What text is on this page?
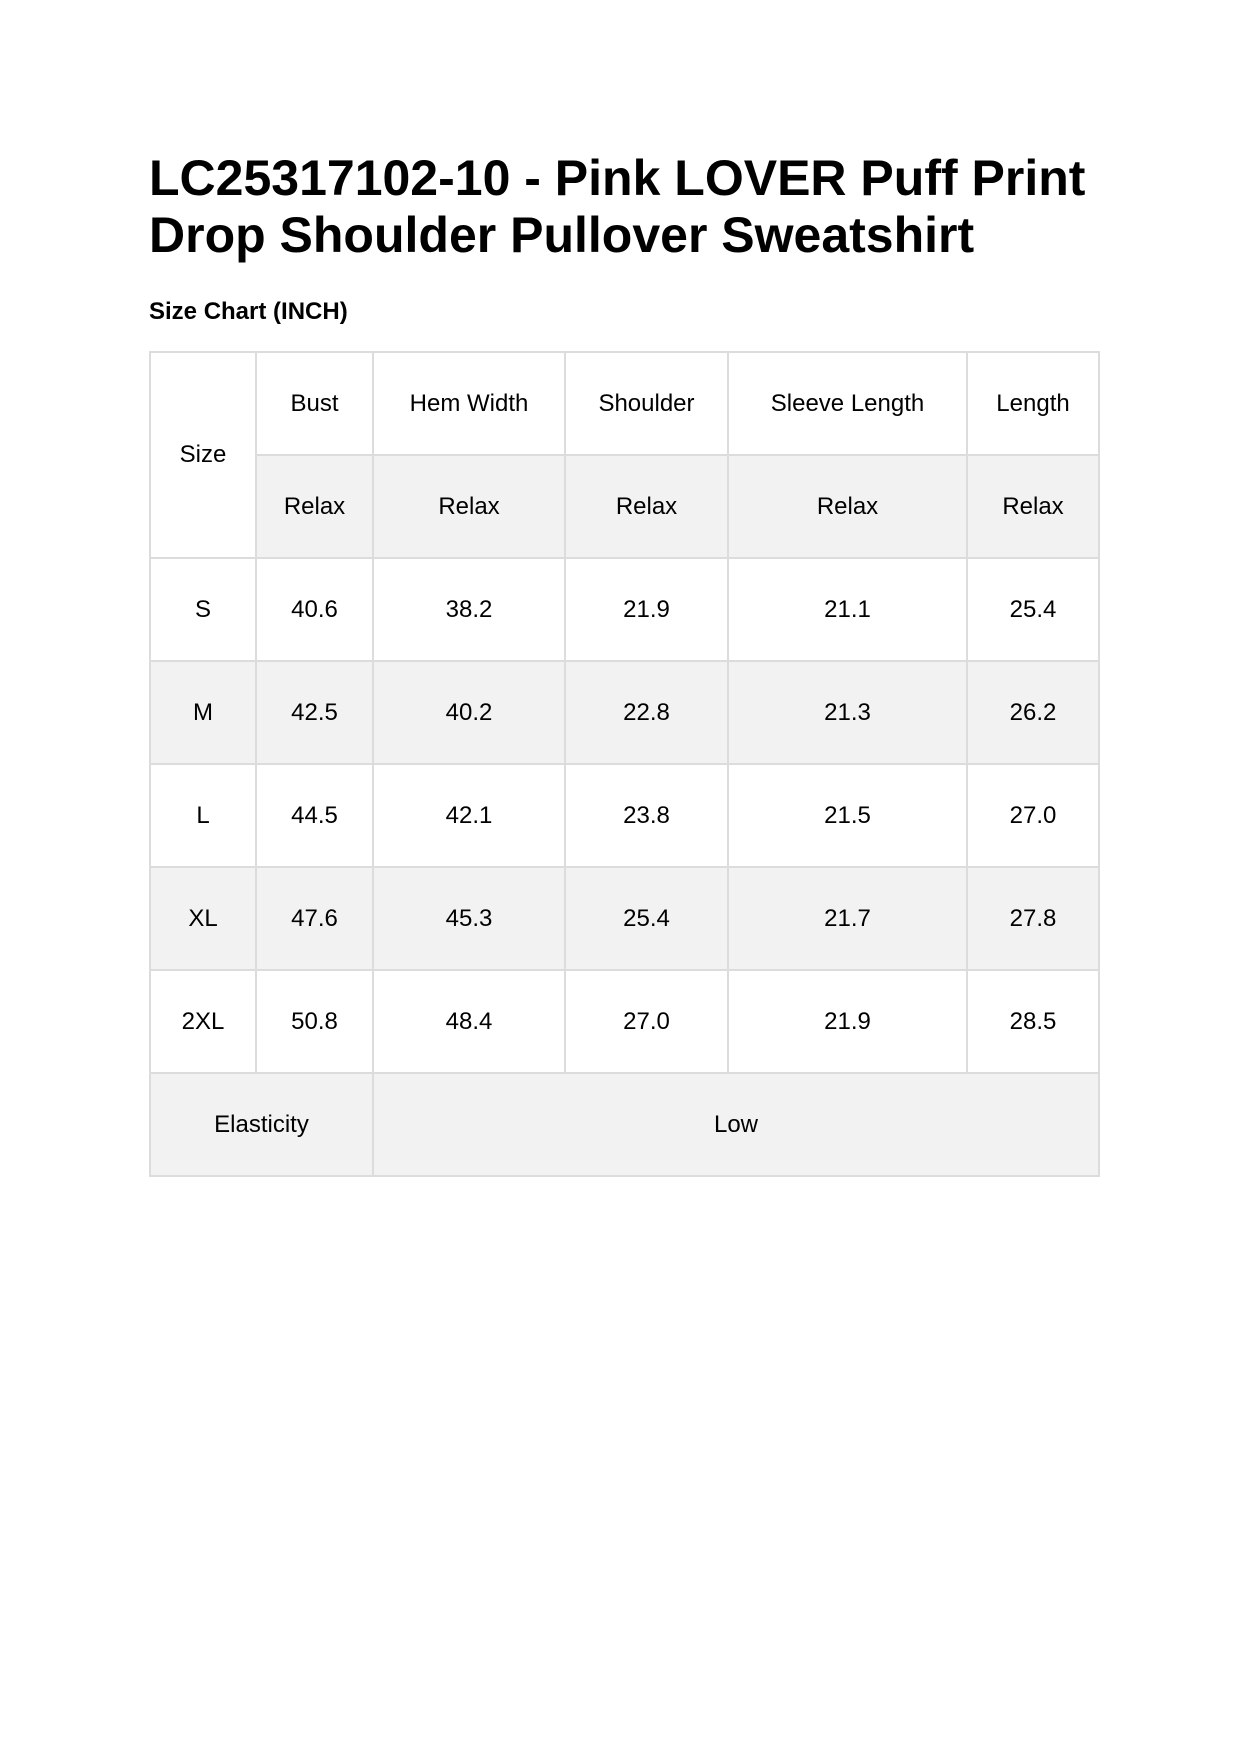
LC25317102-10 - Pink LOVER Puff Print Drop Shoulder Pullover Sweatshirt
Size Chart (INCH)
Size	Bust	Hem Width	Shoulder	Sleeve Length	Length
	Relax	Relax	Relax	Relax	Relax
S	40.6	38.2	21.9	21.1	25.4
M	42.5	40.2	22.8	21.3	26.2
L	44.5	42.1	23.8	21.5	27.0
XL	47.6	45.3	25.4	21.7	27.8
2XL	50.8	48.4	27.0	21.9	28.5
Elasticity		Low			
